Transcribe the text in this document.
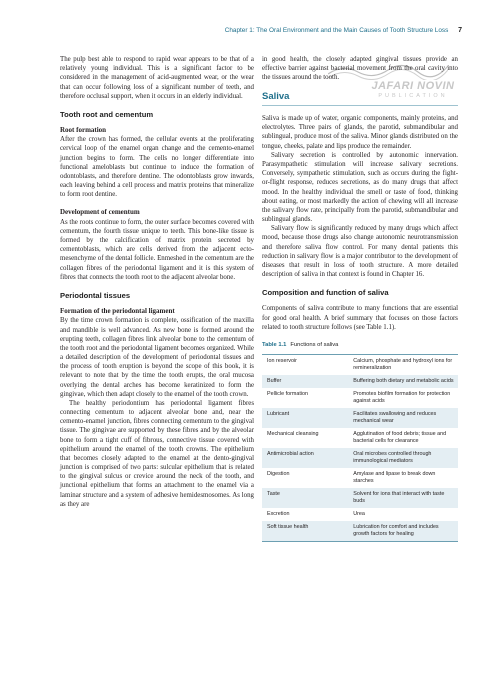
Chapter 1: The Oral Environment and the Main Causes of Tooth Structure Loss 7
JAFARI NOVIN
PUBLICATION

The pulp best able to respond to rapid wear appears to be that of a relatively young individual. This is a significant factor to be considered in the management of acid-augmented wear, or the wear that can occur following loss of a significant number of teeth, and therefore occlusal support, when it occurs in an elderly individual.

Tooth root and cementum
Root formation

After the crown has formed, the cellular events at the proliferating cervical loop of the enamel organ change and the cemento-enamel junction begins to form. The cells no longer differentiate into functional ameloblasts but continue to induce the formation of odontoblasts, and therefore dentine. The odontoblasts grow inwards, each leaving behind a cell process and matrix proteins that mineralize to form root dentine.

Development of cementum

As the roots continue to form, the outer surface becomes covered with cementum, the fourth tissue unique to teeth. This bone-like tissue is formed by the calcification of matrix protein secreted by cementoblasts, which are cells derived from the adjacent ecto-mesenchyme of the dental follicle. Enmeshed in the cementum are the collagen fibres of the periodontal ligament and it is this system of fibres that connects the tooth root to the adjacent alveolar bone.

Periodontal tissues
Formation of the periodontal ligament

By the time crown formation is complete, ossification of the maxilla and mandible is well advanced. As new bone is formed around the erupting teeth, collagen fibres link alveolar bone to the cementum of the tooth root and the periodontal ligament becomes organized. While a detailed description of the development of periodontal tissues and the process of tooth eruption is beyond the scope of this book, it is relevant to note that by the time the tooth erupts, the oral mucosa overlying the dental arches has become keratinized to form the gingivae, which then adapt closely to the enamel of the tooth crown.

The healthy periodontium has periodontal ligament fibres connecting cementum to adjacent alveolar bone and, near the cemento-enamel junction, fibres connecting cementum to the gingival tissue. The gingivae are supported by these fibres and by the alveolar bone to form a tight cuff of fibrous, connective tissue covered with epithelium around the enamel of the tooth crowns. The epithelium that becomes closely adapted to the enamel at the dento-gingival junction is comprised of two parts: sulcular epithelium that is related to the gingival sulcus or crevice around the neck of the tooth, and junctional epithelium that forms an attachment to the enamel via a laminar structure and a system of adhesive hemidesmosomes. As long as they are

in good health, the closely adapted gingival tissues provide an effective barrier against bacterial movement from the oral cavity into the tissues around the tooth.

Saliva

Saliva is made up of water, organic components, mainly proteins, and electrolytes. Three pairs of glands, the parotid, submandibular and sublingual, produce most of the saliva. Minor glands distributed on the tongue, cheeks, palate and lips produce the remainder.

Salivary secretion is controlled by autonomic innervation. Parasympathetic stimulation will increase salivary secretions. Conversely, sympathetic stimulation, such as occurs during the fight-or-flight response, reduces secretions, as do many drugs that affect mood. In the healthy individual the smell or taste of food, thinking about eating, or most markedly the action of chewing will all increase the salivary flow rate, principally from the parotid, submandibular and sublingual glands.

Salivary flow is significantly reduced by many drugs which affect mood, because those drugs also change autonomic neurotransmission and therefore saliva flow control. For many dental patients this reduction in salivary flow is a major contributor to the development of diseases that result in loss of tooth structure. A more detailed description of saliva in that context is found in Chapter 16.

Composition and function of saliva

Components of saliva contribute to many functions that are essential for good oral health. A brief summary that focuses on those factors related to tooth structure follows (see Table 1.1).

Table 1.1 Functions of saliva
Ion reservoir	Calcium, phosphate and hydroxyl ions for remineralization
Buffer	Buffering both dietary and metabolic acids
Pellicle formation	Promotes biofilm formation for protection against acids
Lubricant	Facilitates swallowing and reduces mechanical wear
Mechanical cleansing	Agglutination of food debris; tissue and bacterial cells for clearance
Antimicrobial action	Oral microbes controlled through immunological mediators
Digestion	Amylase and lipase to break down starches
Taste	Solvent for ions that interact with taste buds
Excretion	Urea
Soft tissue health	Lubrication for comfort and includes growth factors for healing
